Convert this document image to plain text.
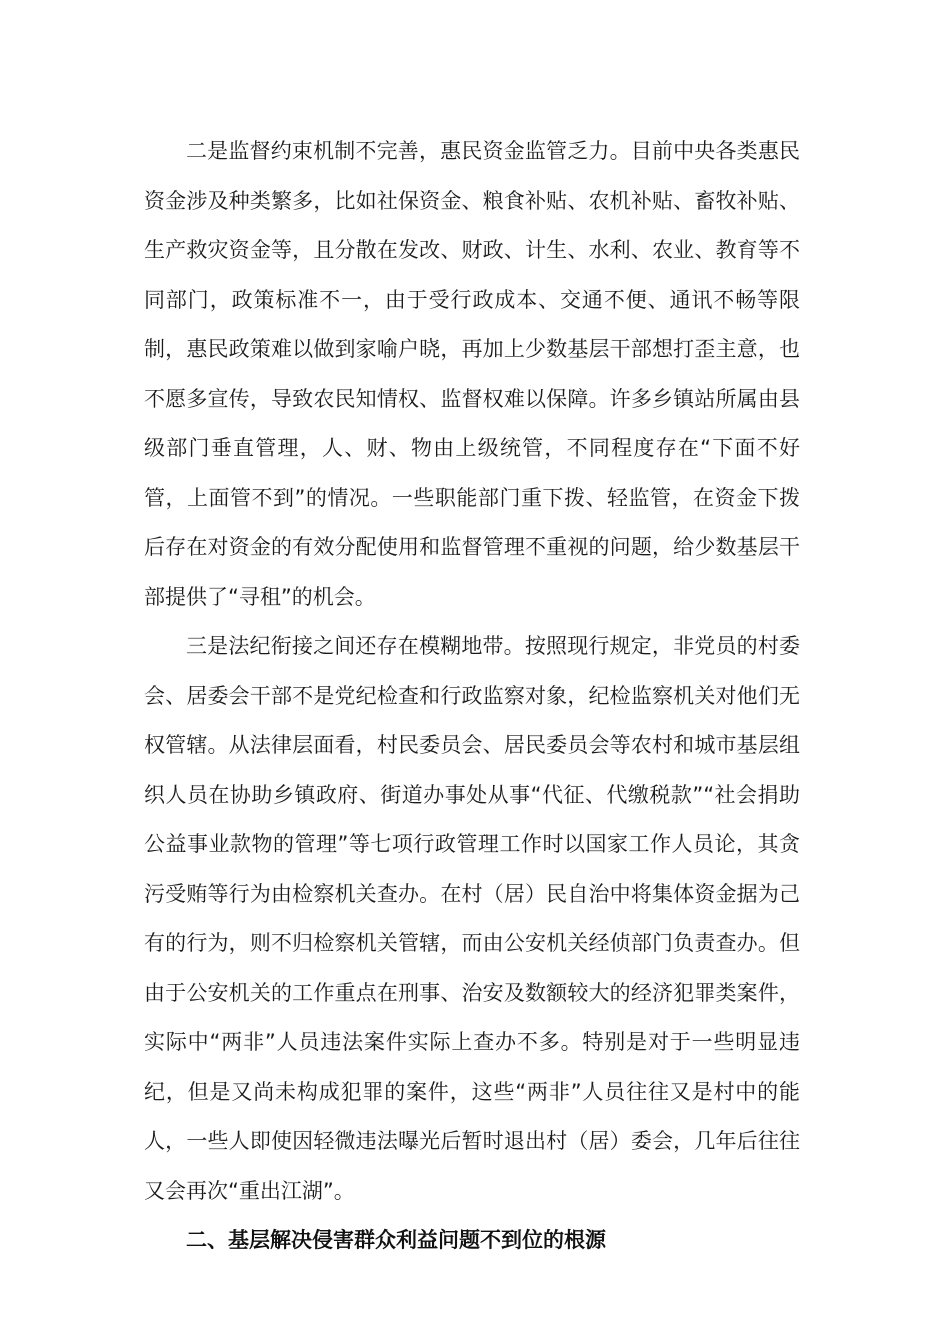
二是监督约束机制不完善，惠民资金监管乏力。目前中央各类惠民资金涉及种类繁多，比如社保资金、粮食补贴、农机补贴、畜牧补贴、生产救灾资金等，且分散在发改、财政、计生、水利、农业、教育等不同部门，政策标准不一，由于受行政成本、交通不便、通讯不畅等限制，惠民政策难以做到家喻户晓，再加上少数基层干部想打歪主意，也不愿多宣传，导致农民知情权、监督权难以保障。许多乡镇站所属由县级部门垂直管理，人、财、物由上级统管，不同程度存在“下面不好管，上面管不到”的情况。一些职能部门重下拨、轻监管，在资金下拨后存在对资金的有效分配使用和监督管理不重视的问题，给少数基层干部提供了“寻租”的机会。

三是法纪衔接之间还存在模糊地带。按照现行规定，非党员的村委会、居委会干部不是党纪检查和行政监察对象，纪检监察机关对他们无权管辖。从法律层面看，村民委员会、居民委员会等农村和城市基层组织人员在协助乡镇政府、街道办事处从事“代征、代缴税款”“社会捐助公益事业款物的管理”等七项行政管理工作时以国家工作人员论，其贪污受贿等行为由检察机关查办。在村（居）民自治中将集体资金据为己有的行为，则不归检察机关管辖，而由公安机关经侦部门负责查办。但由于公安机关的工作重点在刑事、治安及数额较大的经济犯罪类案件，实际中“两非”人员违法案件实际上查办不多。特别是对于一些明显违纪，但是又尚未构成犯罪的案件，这些“两非”人员往往又是村中的能人，一些人即使因轻微违法曝光后暂时退出村（居）委会，几年后往往又会再次“重出江湖”。

二、基层解决侵害群众利益问题不到位的根源
